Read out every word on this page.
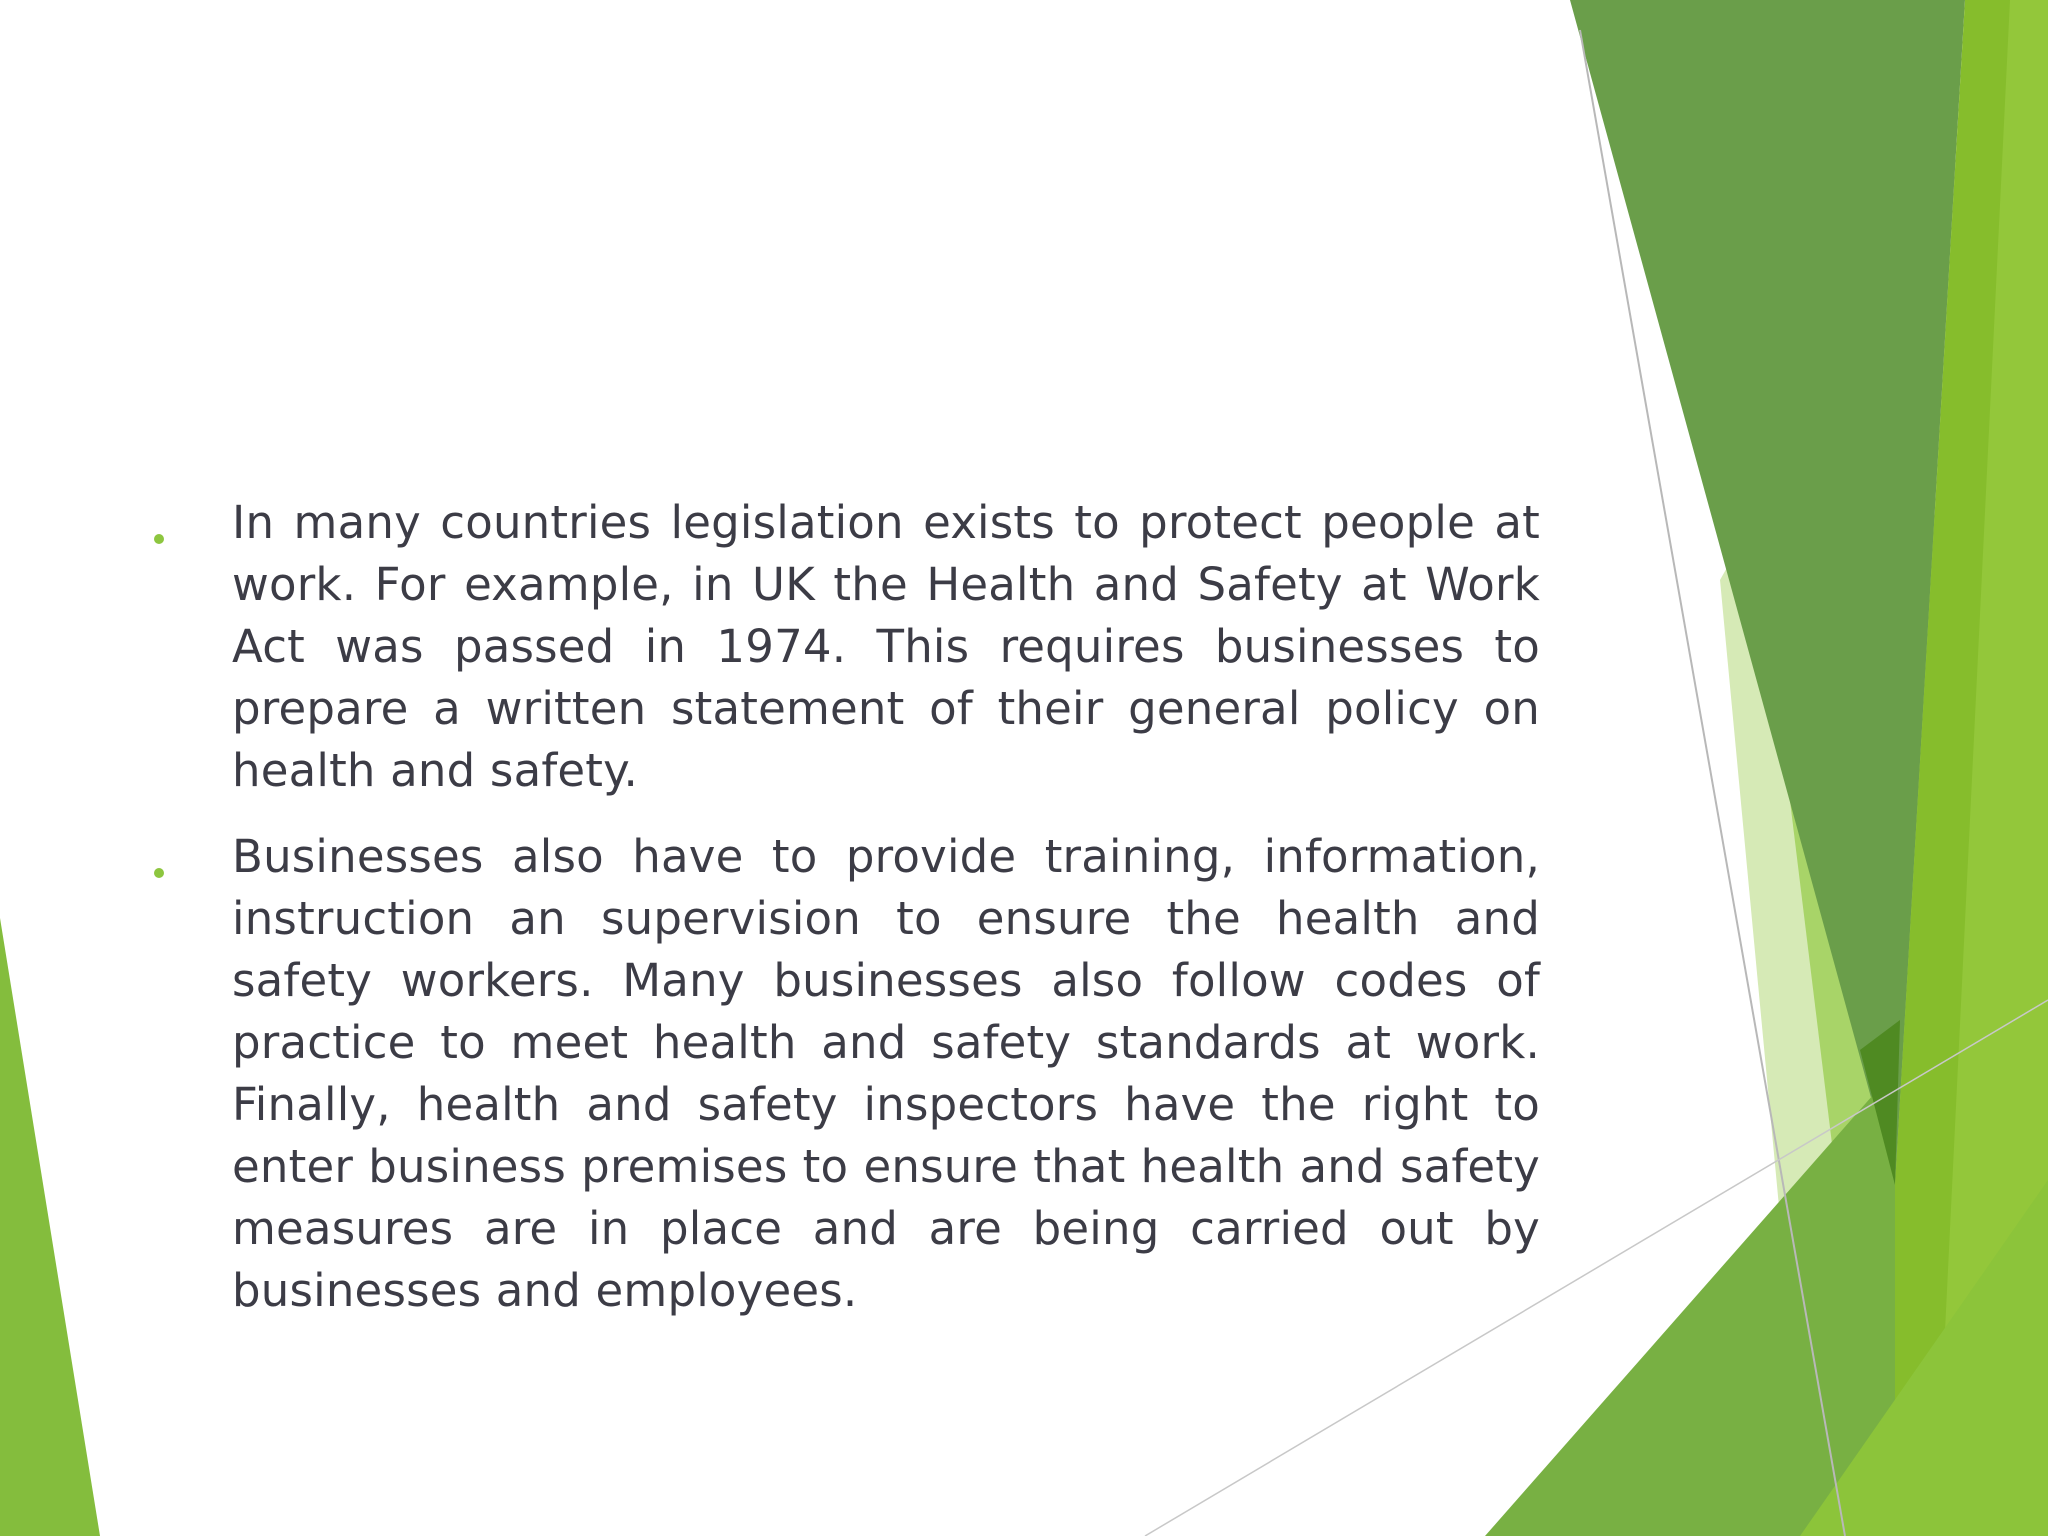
In many countries legislation exists to protect people at work. For example, in UK the Health and Safety at Work Act was passed in 1974. This requires businesses to prepare a written statement of their general policy on health and safety.

Businesses also have to provide training, information, instruction an supervision to ensure the health and safety workers. Many businesses also follow codes of practice to meet health and safety standards at work. Finally, health and safety inspectors have the right to enter business premises to ensure that health and safety measures are in place and are being carried out by businesses and employees.
